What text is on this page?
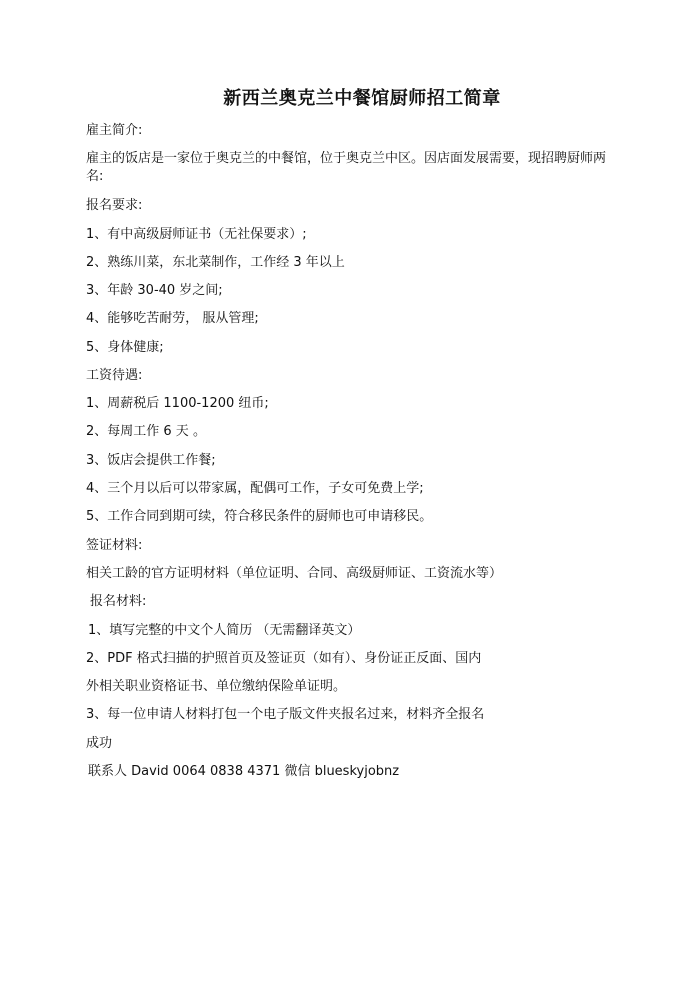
新西兰奥克兰中餐馆厨师招工简章
雇主简介:
雇主的饭店是一家位于奥克兰的中餐馆，位于奥克兰中区。因店面发展需要，现招聘厨师两名:
报名要求:
1、有中高级厨师证书（无社保要求）;
2、熟练川菜，东北菜制作，工作经 3 年以上
3、年龄 30-40 岁之间;
4、能够吃苦耐劳， 服从管理;
5、身体健康;
工资待遇:
1、周薪税后 1100-1200 纽币;
2、每周工作 6 天 。
3、饭店会提供工作餐;
4、三个月以后可以带家属，配偶可工作，子女可免费上学;
5、工作合同到期可续，符合移民条件的厨师也可申请移民。
签证材料:
相关工龄的官方证明材料（单位证明、合同、高级厨师证、工资流水等）
报名材料:
1、填写完整的中文个人简历 （无需翻译英文）
2、PDF 格式扫描的护照首页及签证页（如有）、身份证正反面、国内
外相关职业资格证书、单位缴纳保险单证明。
3、每一位申请人材料打包一个电子版文件夹报名过来，材料齐全报名
成功
联系人 David 0064 0838 4371 微信 blueskyjobnz
